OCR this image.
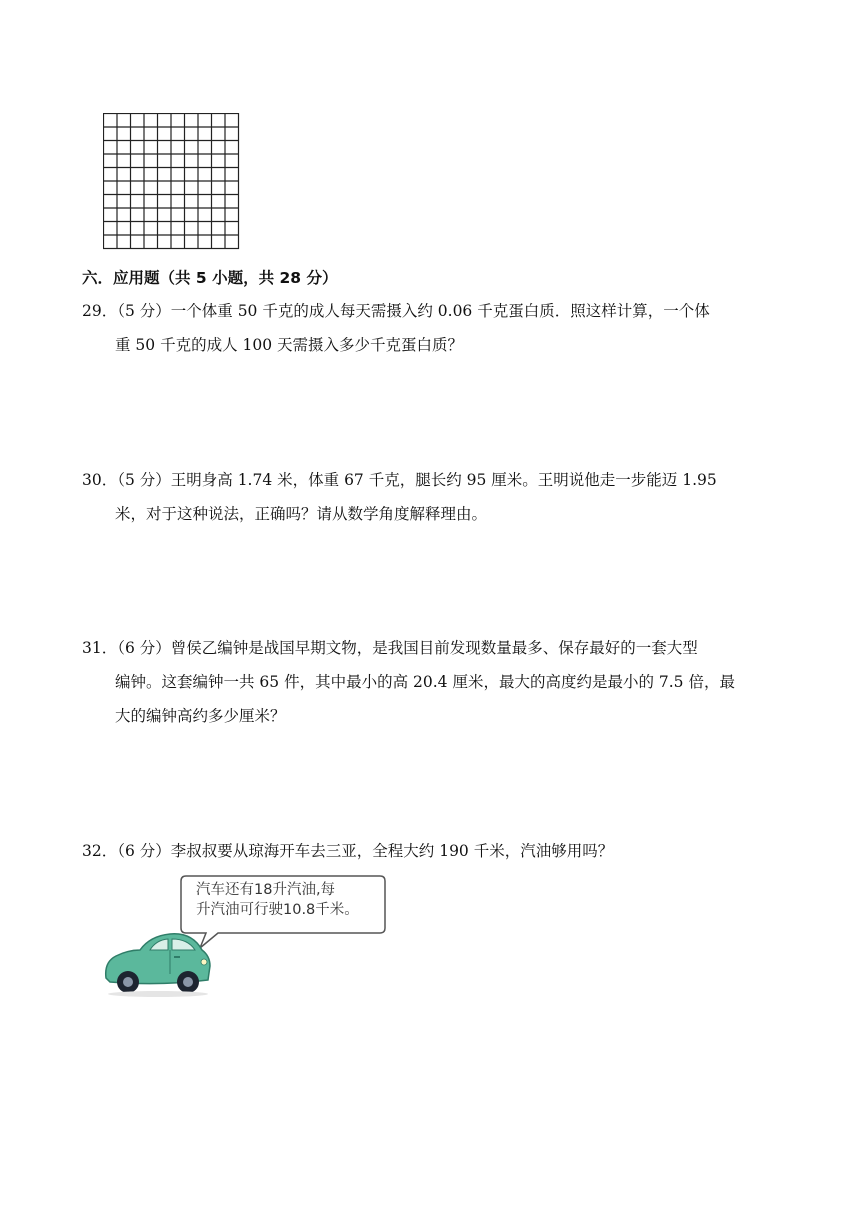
六．应用题（共 5 小题，共 28 分）
29．（5 分）一个体重 50 千克的成人每天需摄入约 0.06 千克蛋白质．照这样计算，一个体
重 50 千克的成人 100 天需摄入多少千克蛋白质？
30．（5 分）王明身高 1.74 米，体重 67 千克，腿长约 95 厘米。王明说他走一步能迈 1.95
米，对于这种说法，正确吗？请从数学角度解释理由。
31．（6 分）曾侯乙编钟是战国早期文物，是我国目前发现数量最多、保存最好的一套大型
编钟。这套编钟一共 65 件，其中最小的高 20.4 厘米，最大的高度约是最小的 7.5 倍，最
大的编钟高约多少厘米？
32．（6 分）李叔叔要从琼海开车去三亚，全程大约 190 千米，汽油够用吗？
汽车还有18升汽油,每
升汽油可行驶10.8千米。
